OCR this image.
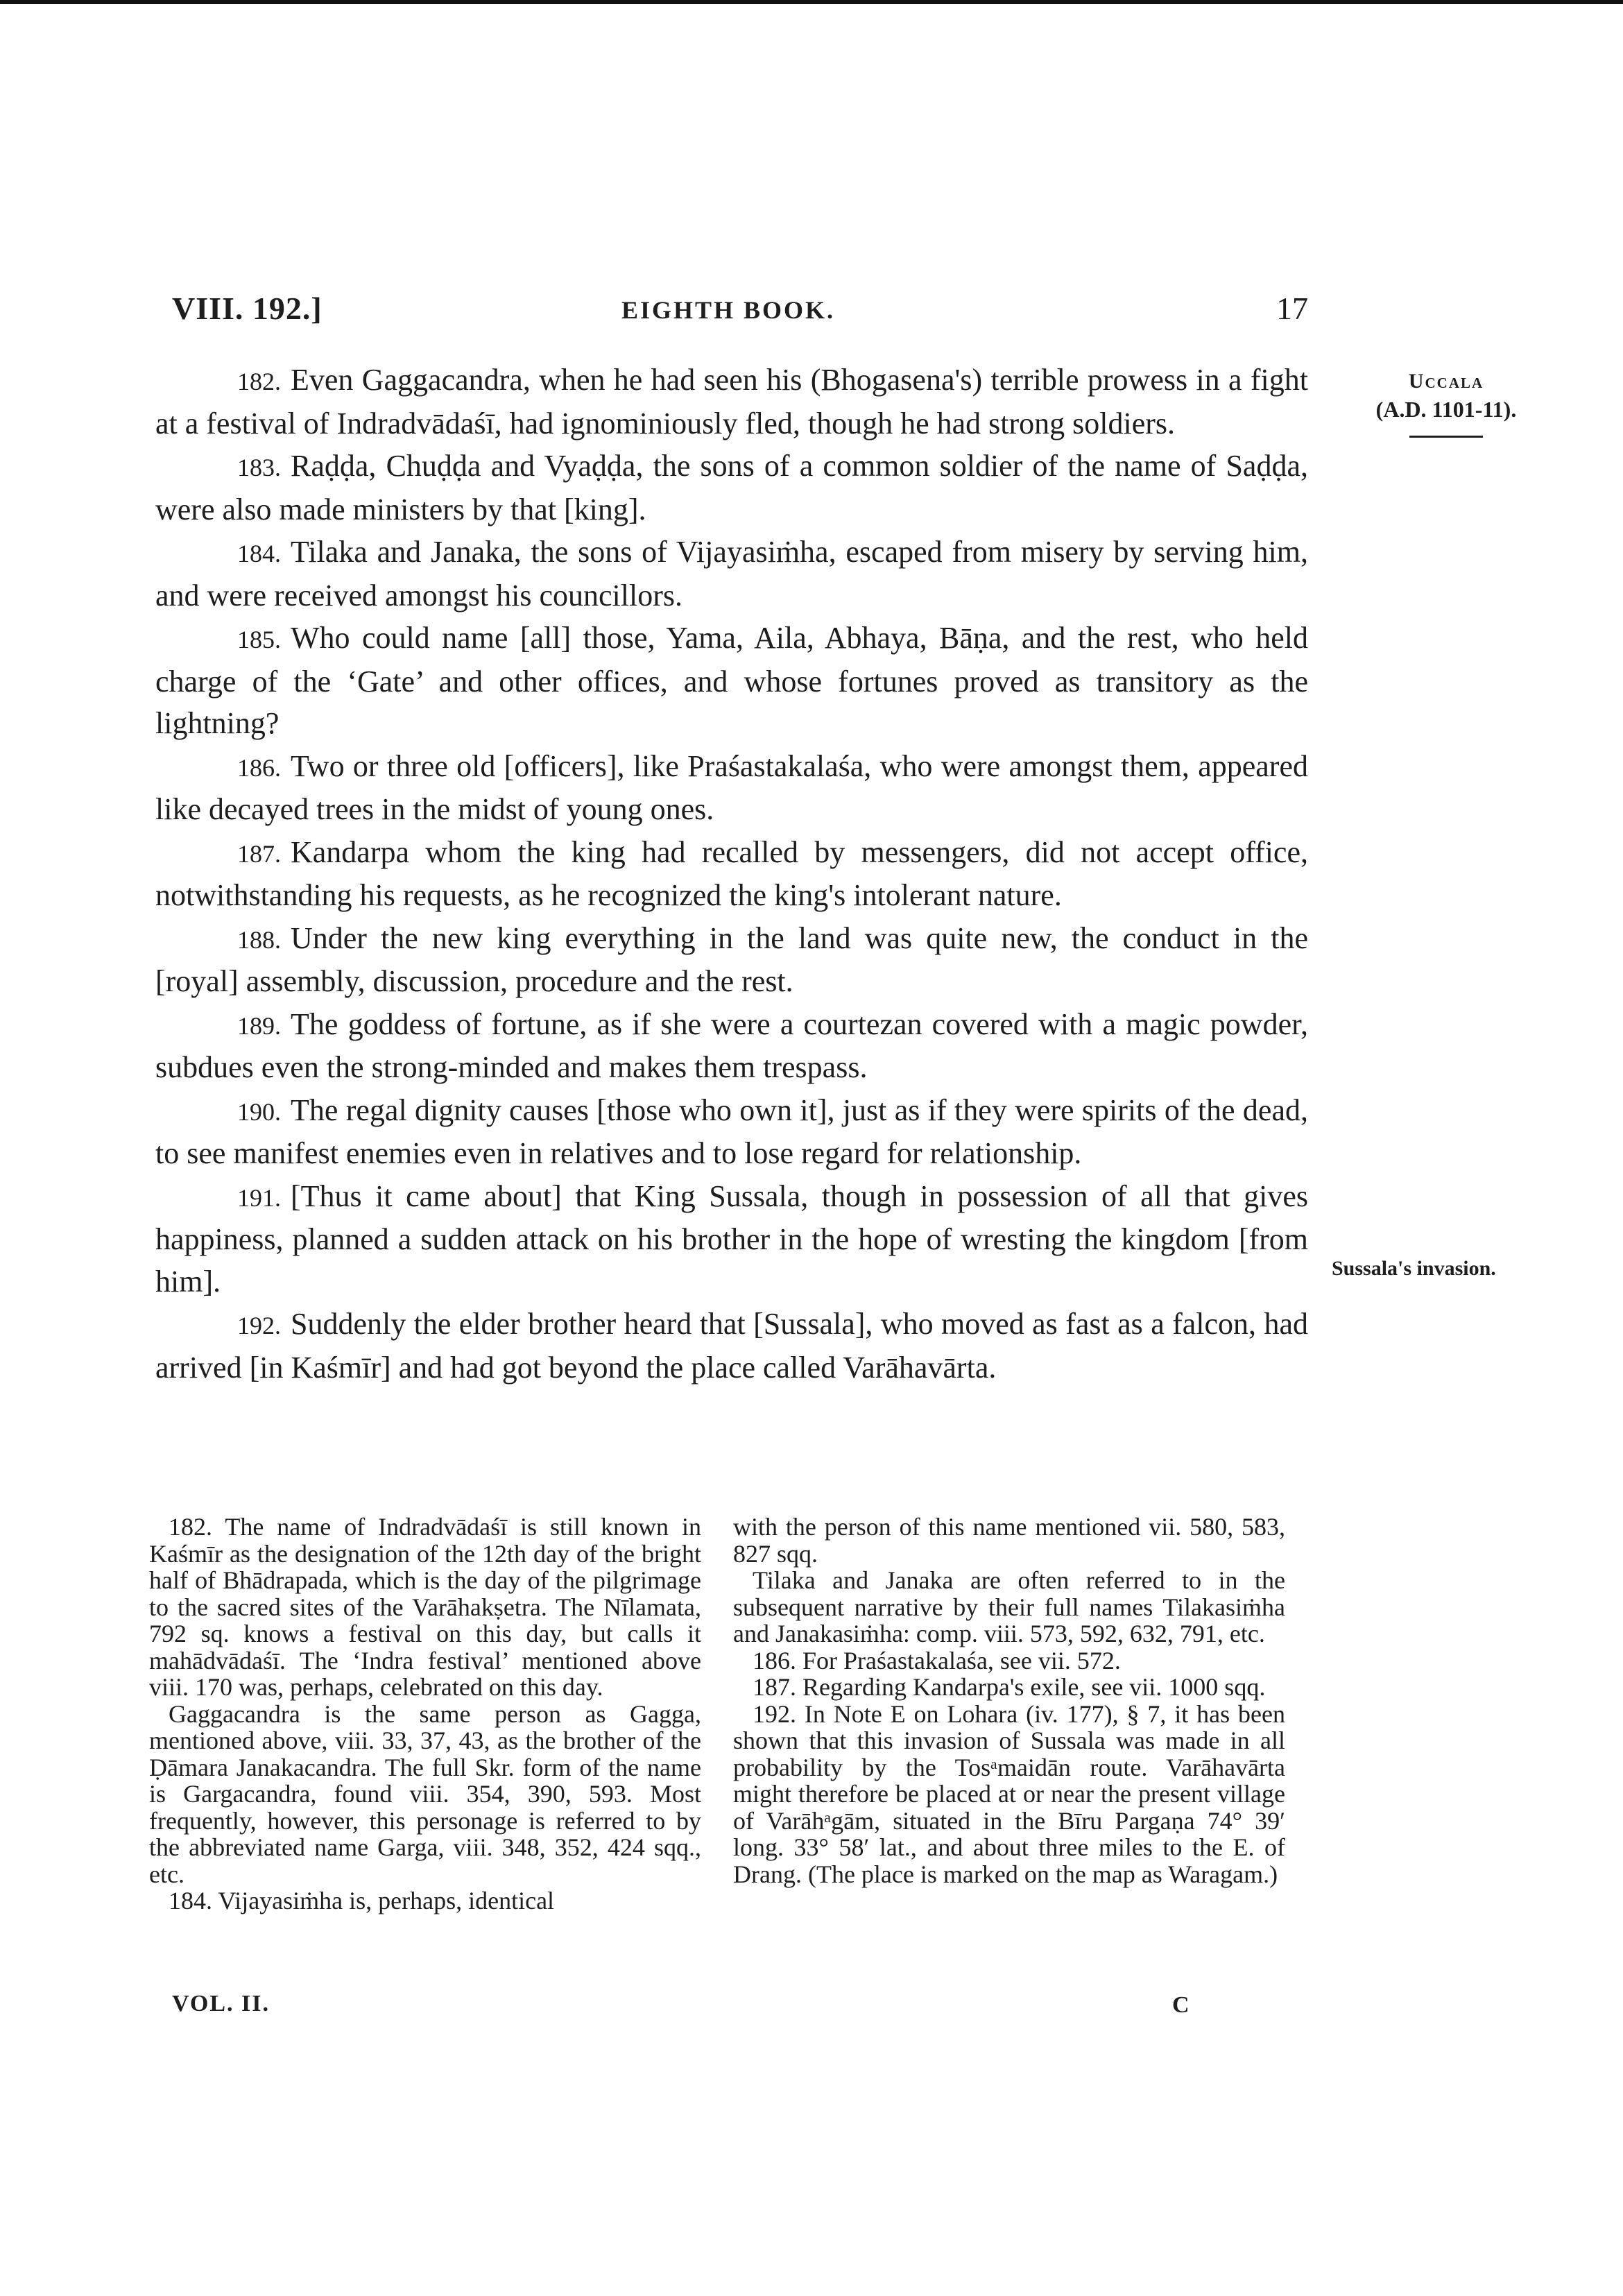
VIII. 192.]	EIGHTH BOOK.	17
Uccala
(A.D. 1101-11).
Sussala's invasion.

182. Even Gaggacandra, when he had seen his (Bhogasena's) terrible prowess in a fight at a festival of Indradvādaśī, had ignominiously fled, though he had strong soldiers.

183. Raḍḍa, Chuḍḍa and Vyaḍḍa, the sons of a common soldier of the name of Saḍḍa, were also made ministers by that [king].

184. Tilaka and Janaka, the sons of Vijayasiṁha, escaped from misery by serving him, and were received amongst his councillors.

185. Who could name [all] those, Yama, Aila, Abhaya, Bāṇa, and the rest, who held charge of the ‘Gate’ and other offices, and whose fortunes proved as transitory as the lightning?

186. Two or three old [officers], like Praśastakalaśa, who were amongst them, appeared like decayed trees in the midst of young ones.

187. Kandarpa whom the king had recalled by messengers, did not accept office, notwithstanding his requests, as he recognized the king's intolerant nature.

188. Under the new king everything in the land was quite new, the conduct in the [royal] assembly, discussion, procedure and the rest.

189. The goddess of fortune, as if she were a courtezan covered with a magic powder, subdues even the strong-minded and makes them trespass.

190. The regal dignity causes [those who own it], just as if they were spirits of the dead, to see manifest enemies even in relatives and to lose regard for relationship.

191. [Thus it came about] that King Sussala, though in possession of all that gives happiness, planned a sudden attack on his brother in the hope of wresting the kingdom [from him].

192. Suddenly the elder brother heard that [Sussala], who moved as fast as a falcon, had arrived [in Kaśmīr] and had got beyond the place called Varāhavārta.

182. The name of Indradvādaśī is still known in Kaśmīr as the designation of the 12th day of the bright half of Bhādrapada, which is the day of the pilgrimage to the sacred sites of the Varāhakṣetra. The Nīlamata, 792 sq. knows a festival on this day, but calls it mahādvādaśī. The ‘Indra festival’ mentioned above viii. 170 was, perhaps, celebrated on this day.

Gaggacandra is the same person as Gagga, mentioned above, viii. 33, 37, 43, as the brother of the Ḍāmara Janakacandra. The full Skr. form of the name is Gargacandra, found viii. 354, 390, 593. Most frequently, however, this personage is referred to by the abbreviated name Garga, viii. 348, 352, 424 sqq., etc.

184. Vijayasiṁha is, perhaps, identical

with the person of this name mentioned vii. 580, 583, 827 sqq.

Tilaka and Janaka are often referred to in the subsequent narrative by their full names Tilakasiṁha and Janakasiṁha: comp. viii. 573, 592, 632, 791, etc.

186. For Praśastakalaśa, see vii. 572.

187. Regarding Kandarpa's exile, see vii. 1000 sqq.

192. In Note E on Lohara (iv. 177), § 7, it has been shown that this invasion of Sussala was made in all probability by the Tosᵃmaidān route. Varāhavārta might therefore be placed at or near the present village of Varāhᵃgām, situated in the Bīru Pargaṇa 74° 39′ long. 33° 58′ lat., and about three miles to the E. of Drang. (The place is marked on the map as Waragam.)

VOL. II.	C
